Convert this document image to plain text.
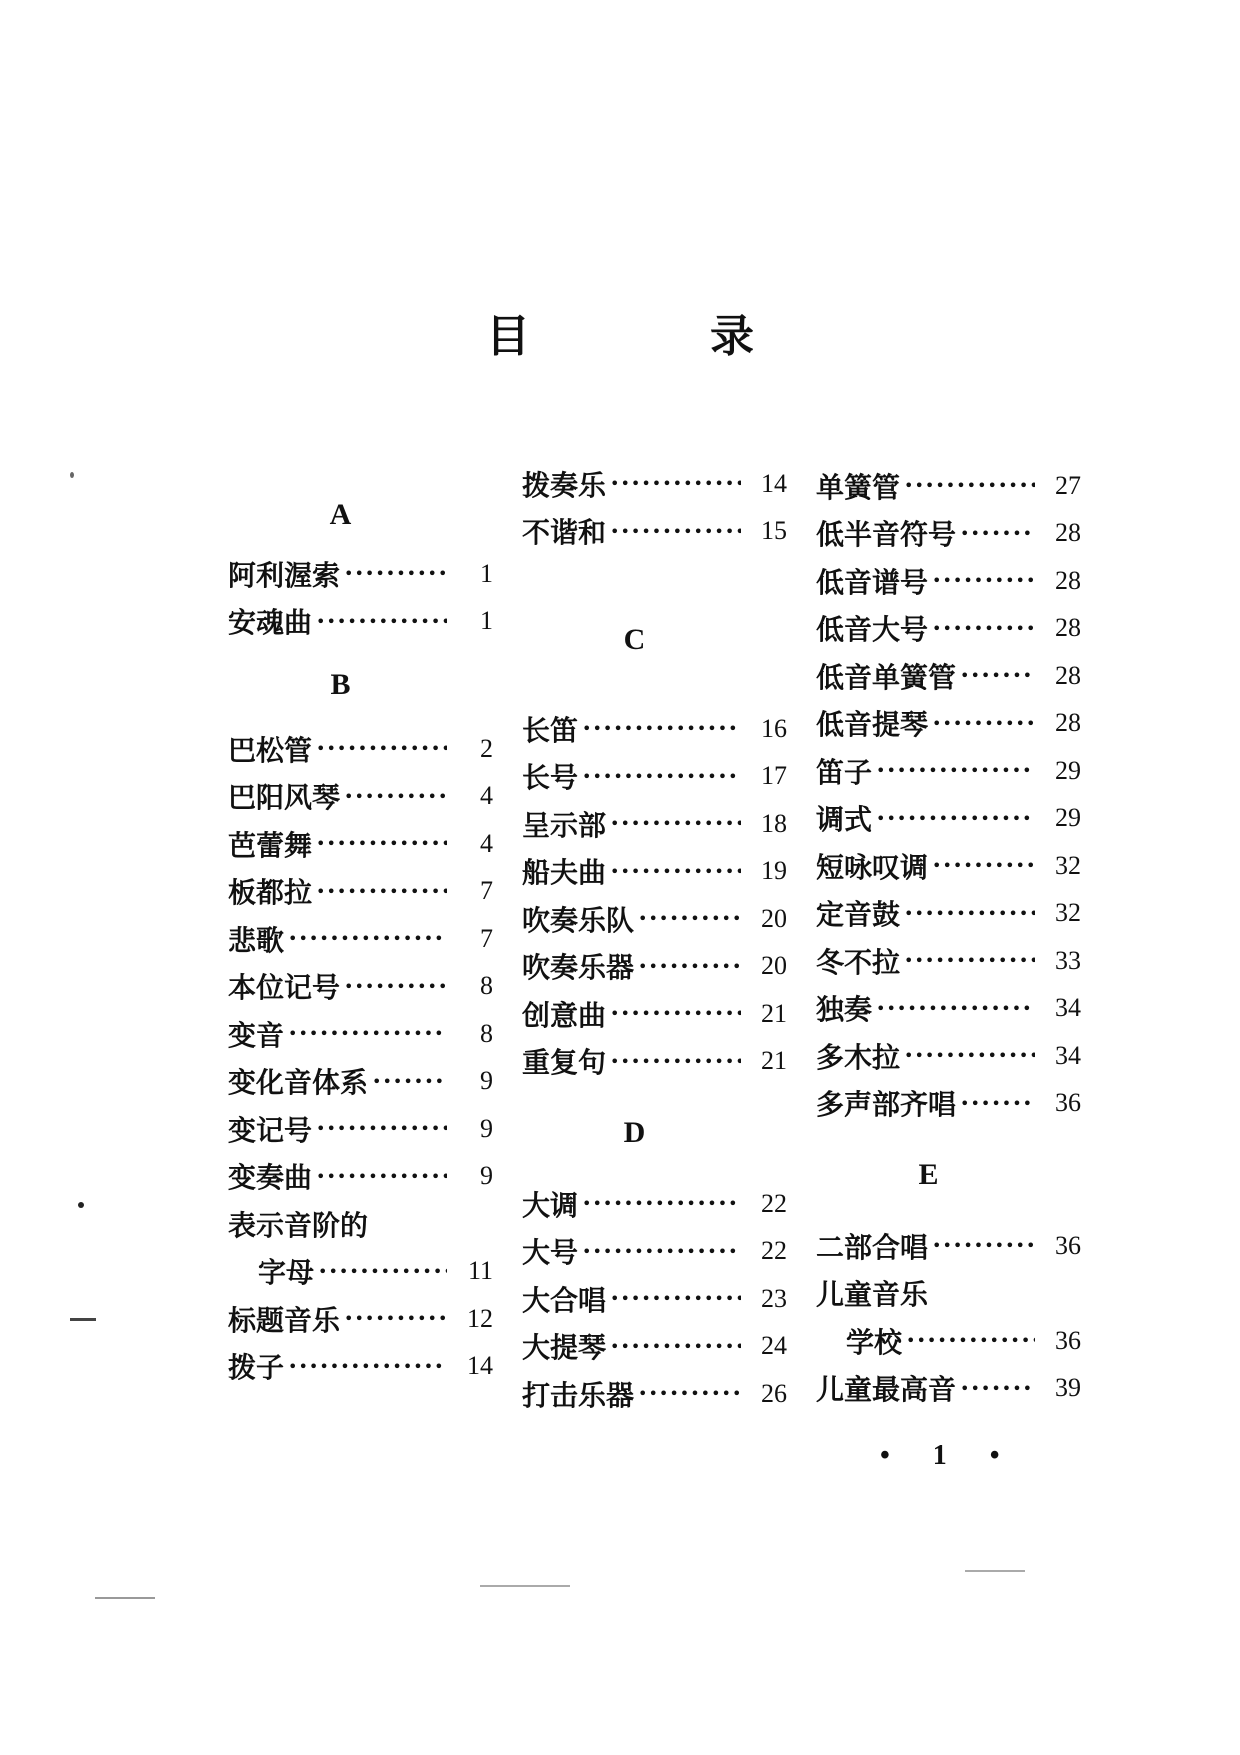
目	录
A
阿利渥索 •••••	1
安魂曲 •••••	1
B
巴松管 •••••	2
巴阳风琴 •••••	4
芭蕾舞 •••••	4
板都拉 •••••	7
悲歌 •••••	7
本位记号 •••••	8
变音 •••••	8
变化音体系 •••••	9
变记号 •••••	9
变奏曲 •••••	9
表示音阶的
字母 •••••	11
标题音乐 •••••	12
拨子 •••••	14
拨奏乐 •••••	14
不谐和 •••••	15
C
长笛 •••••	16
长号 •••••	17
呈示部 •••••	18
船夫曲 •••••	19
吹奏乐队 •••••	20
吹奏乐器 •••••	20
创意曲 •••••	21
重复句 •••••	21
D
大调 •••••	22
大号 •••••	22
大合唱 •••••	23
大提琴 •••••	24
打击乐器 •••••	26
单簧管 •••••	27
低半音符号 •••••	28
低音谱号 •••••	28
低音大号 •••••	28
低音单簧管 •••••	28
低音提琴 •••••	28
笛子 •••••	29
调式 •••••	29
短咏叹调 •••••	32
定音鼓 •••••	32
冬不拉 •••••	33
独奏 •••••	34
多木拉 •••••	34
多声部齐唱 •••••	36
E
二部合唱 •••••	36
儿童音乐
学校 •••••	36
儿童最高音 •••••	39
• 1 •
